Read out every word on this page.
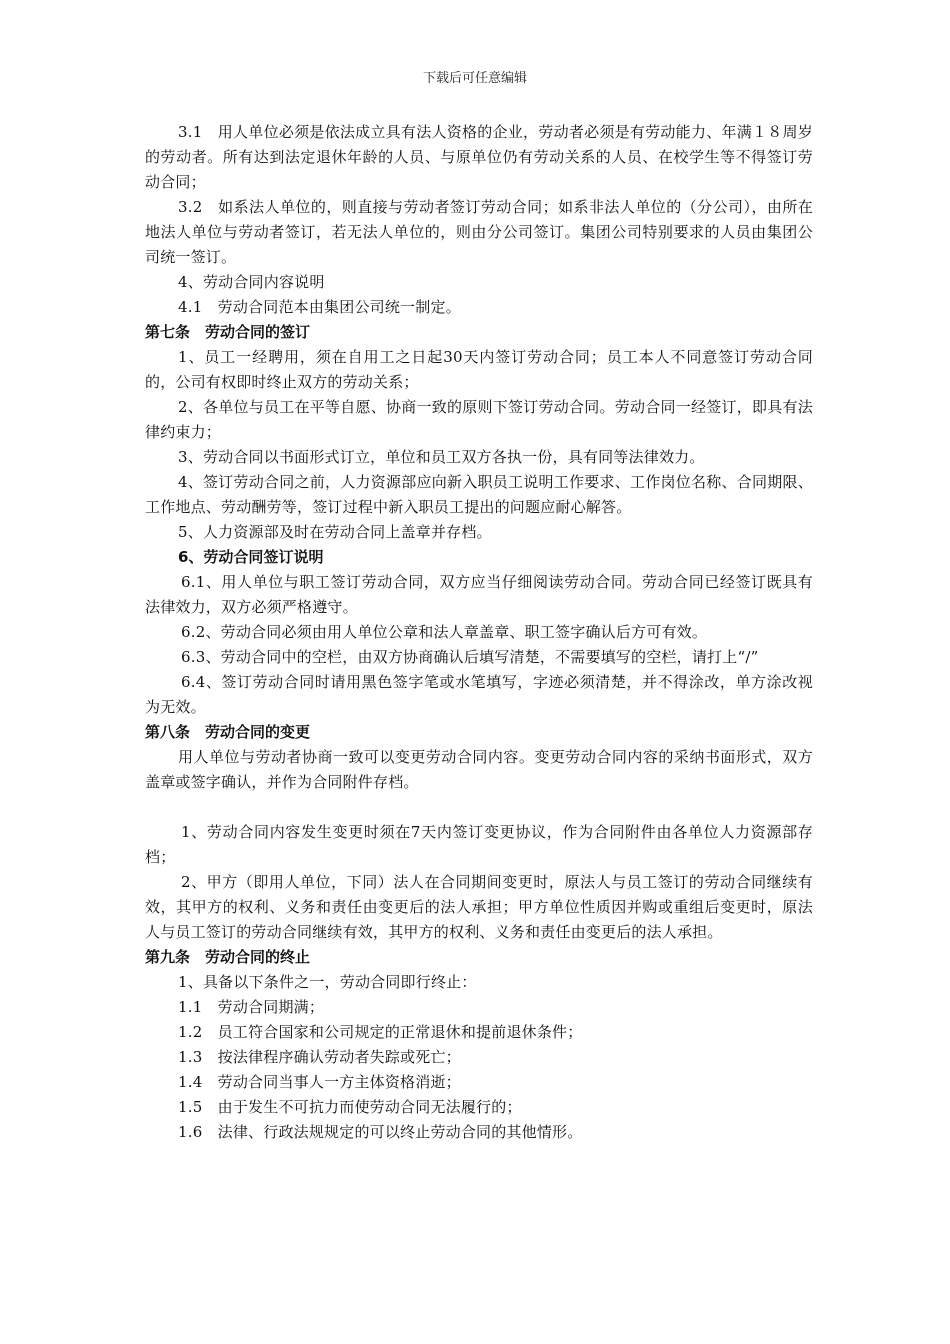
下载后可任意编辑

3.1　用人单位必须是依法成立具有法人资格的企业，劳动者必须是有劳动能力、年满１８周岁的劳动者。所有达到法定退休年龄的人员、与原单位仍有劳动关系的人员、在校学生等不得签订劳动合同；

3.2　如系法人单位的，则直接与劳动者签订劳动合同；如系非法人单位的（分公司），由所在地法人单位与劳动者签订，若无法人单位的，则由分公司签订。集团公司特别要求的人员由集团公司统一签订。

4、劳动合同内容说明

4.1　劳动合同范本由集团公司统一制定。

第七条　劳动合同的签订

1、员工一经聘用，须在自用工之日起30天内签订劳动合同；员工本人不同意签订劳动合同的，公司有权即时终止双方的劳动关系；

2、各单位与员工在平等自愿、协商一致的原则下签订劳动合同。劳动合同一经签订，即具有法律约束力；

3、劳动合同以书面形式订立，单位和员工双方各执一份，具有同等法律效力。

4、签订劳动合同之前，人力资源部应向新入职员工说明工作要求、工作岗位名称、合同期限、工作地点、劳动酬劳等，签订过程中新入职员工提出的问题应耐心解答。

5、人力资源部及时在劳动合同上盖章并存档。

6、劳动合同签订说明

6.1、用人单位与职工签订劳动合同，双方应当仔细阅读劳动合同。劳动合同已经签订既具有法律效力，双方必须严格遵守。

6.2、劳动合同必须由用人单位公章和法人章盖章、职工签字确认后方可有效。

6.3、劳动合同中的空栏，由双方协商确认后填写清楚，不需要填写的空栏，请打上“/”

6.4、签订劳动合同时请用黑色签字笔或水笔填写，字迹必须清楚，并不得涂改，单方涂改视为无效。

第八条　劳动合同的变更

用人单位与劳动者协商一致可以变更劳动合同内容。变更劳动合同内容的采纳书面形式，双方盖章或签字确认，并作为合同附件存档。

1、劳动合同内容发生变更时须在7天内签订变更协议，作为合同附件由各单位人力资源部存档；

2、甲方（即用人单位，下同）法人在合同期间变更时，原法人与员工签订的劳动合同继续有效，其甲方的权利、义务和责任由变更后的法人承担；甲方单位性质因并购或重组后变更时，原法人与员工签订的劳动合同继续有效，其甲方的权利、义务和责任由变更后的法人承担。

第九条　劳动合同的终止

1、具备以下条件之一，劳动合同即行终止：

1.1　劳动合同期满；

1.2　员工符合国家和公司规定的正常退休和提前退休条件；

1.3　按法律程序确认劳动者失踪或死亡；

1.4　劳动合同当事人一方主体资格消逝；

1.5　由于发生不可抗力而使劳动合同无法履行的；

1.6　法律、行政法规规定的可以终止劳动合同的其他情形。
